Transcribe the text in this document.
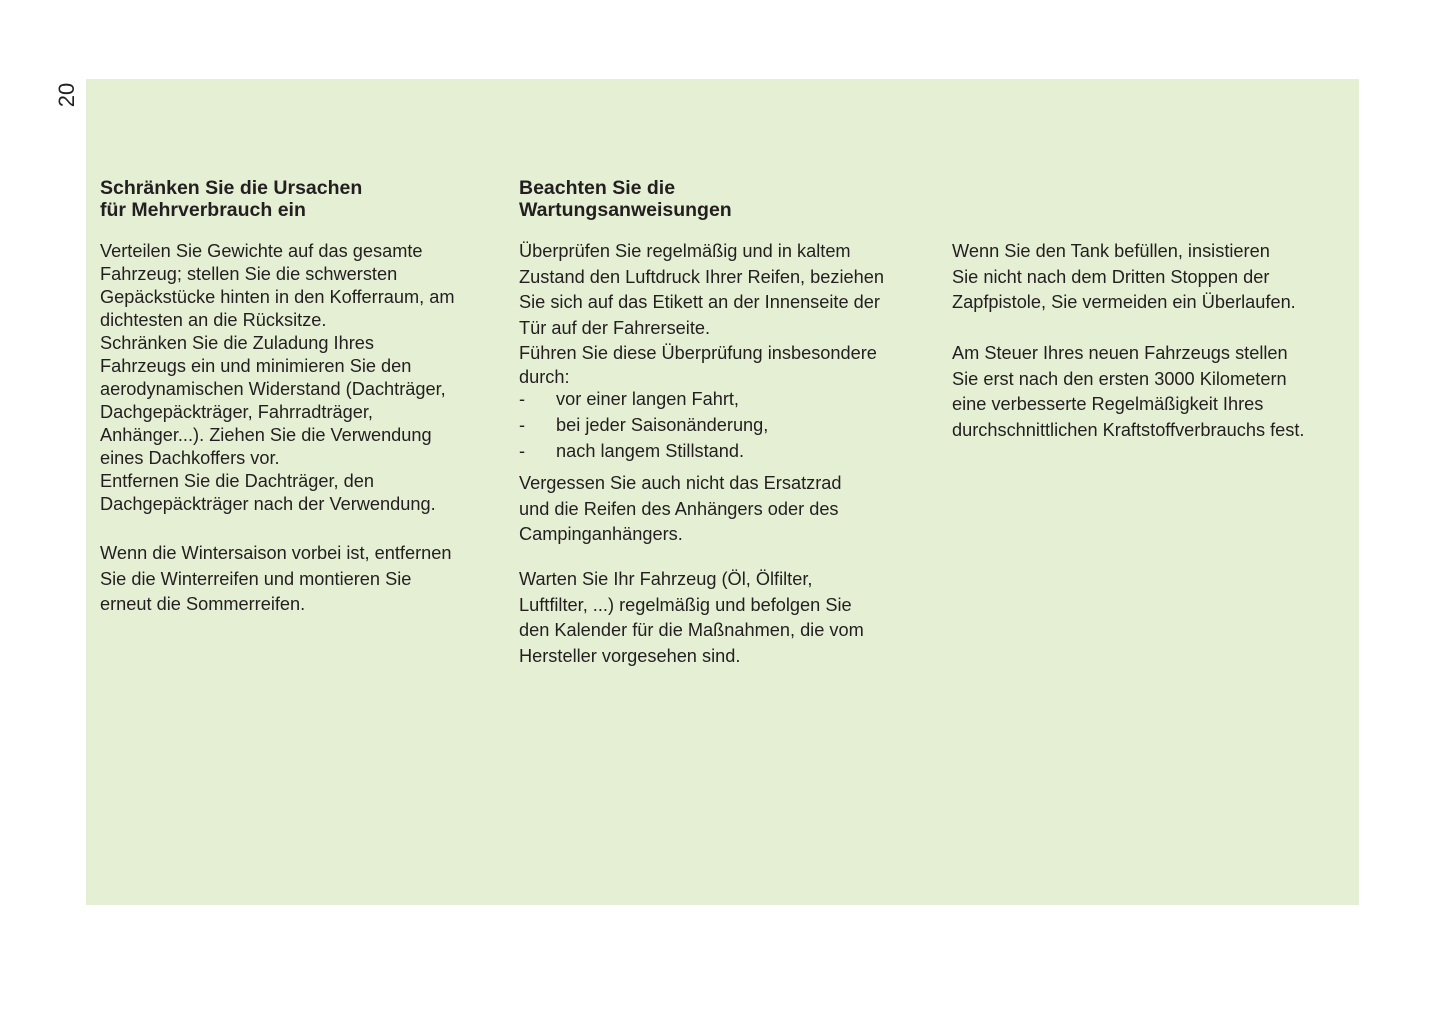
20
Schränken Sie die Ursachen
für Mehrverbrauch ein
Verteilen Sie Gewichte auf das gesamte
Fahrzeug; stellen Sie die schwersten
Gepäckstücke hinten in den Kofferraum, am
dichtesten an die Rücksitze.
Schränken Sie die Zuladung Ihres
Fahrzeugs ein und minimieren Sie den
aerodynamischen Widerstand (Dachträger,
Dachgepäckträger, Fahrradträger,
Anhänger...). Ziehen Sie die Verwendung
eines Dachkoffers vor.
Entfernen Sie die Dachträger, den
Dachgepäckträger nach der Verwendung.
Wenn die Wintersaison vorbei ist, entfernen
Sie die Winterreifen und montieren Sie
erneut die Sommerreifen.
Beachten Sie die
Wartungsanweisungen
Überprüfen Sie regelmäßig und in kaltem
Zustand den Luftdruck Ihrer Reifen, beziehen
Sie sich auf das Etikett an der Innenseite der
Tür auf der Fahrerseite.
Führen Sie diese Überprüfung insbesondere
durch:
- vor einer langen Fahrt,
- bei jeder Saisonänderung,
- nach langem Stillstand.
Vergessen Sie auch nicht das Ersatzrad
und die Reifen des Anhängers oder des
Campinganhängers.
Warten Sie Ihr Fahrzeug (Öl, Ölfilter,
Luftfilter, ...) regelmäßig und befolgen Sie
den Kalender für die Maßnahmen, die vom
Hersteller vorgesehen sind.
Wenn Sie den Tank befüllen, insistieren
Sie nicht nach dem Dritten Stoppen der
Zapfpistole, Sie vermeiden ein Überlaufen.
Am Steuer Ihres neuen Fahrzeugs stellen
Sie erst nach den ersten 3000 Kilometern
eine verbesserte Regelmäßigkeit Ihres
durchschnittlichen Kraftstoffverbrauchs fest.
